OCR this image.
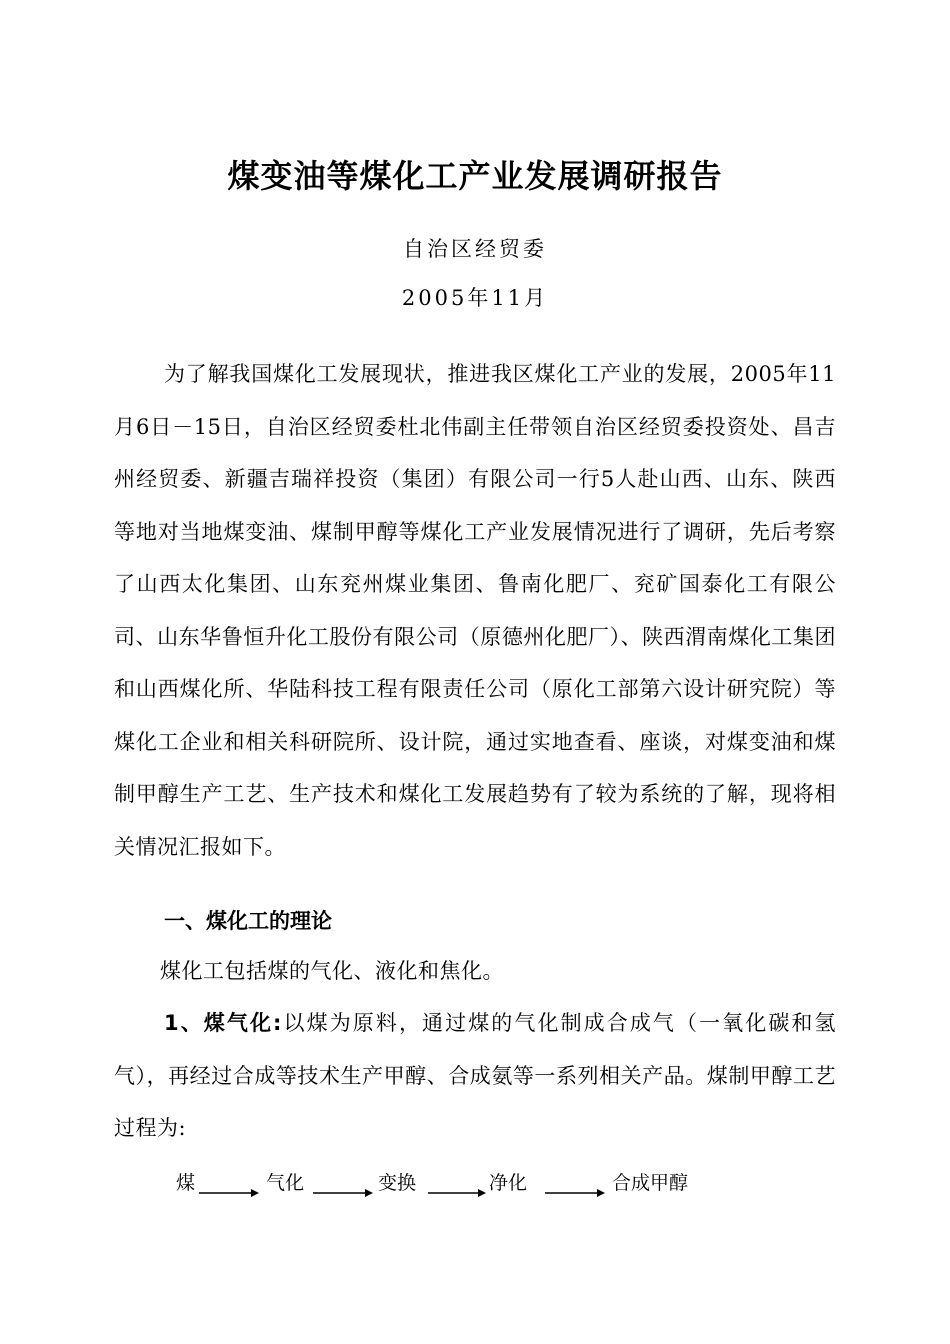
煤变油等煤化工产业发展调研报告
自治区经贸委
2005年11月
为了解我国煤化工发展现状，推进我区煤化工产业的发展，2005年11月6日－15日，自治区经贸委杜北伟副主任带领自治区经贸委投资处、昌吉州经贸委、新疆吉瑞祥投资（集团）有限公司一行5人赴山西、山东、陕西等地对当地煤变油、煤制甲醇等煤化工产业发展情况进行了调研，先后考察了山西太化集团、山东兖州煤业集团、鲁南化肥厂、兖矿国泰化工有限公司、山东华鲁恒升化工股份有限公司（原德州化肥厂）、陕西渭南煤化工集团和山西煤化所、华陆科技工程有限责任公司（原化工部第六设计研究院）等煤化工企业和相关科研院所、设计院，通过实地查看、座谈，对煤变油和煤制甲醇生产工艺、生产技术和煤化工发展趋势有了较为系统的了解，现将相关情况汇报如下。
一、煤化工的理论
煤化工包括煤的气化、液化和焦化。
1、煤气化:以煤为原料，通过煤的气化制成合成气（一氧化碳和氢气），再经过合成等技术生产甲醇、合成氨等一系列相关产品。煤制甲醇工艺过程为:
煤	气化	变换	净化	合成甲醇
